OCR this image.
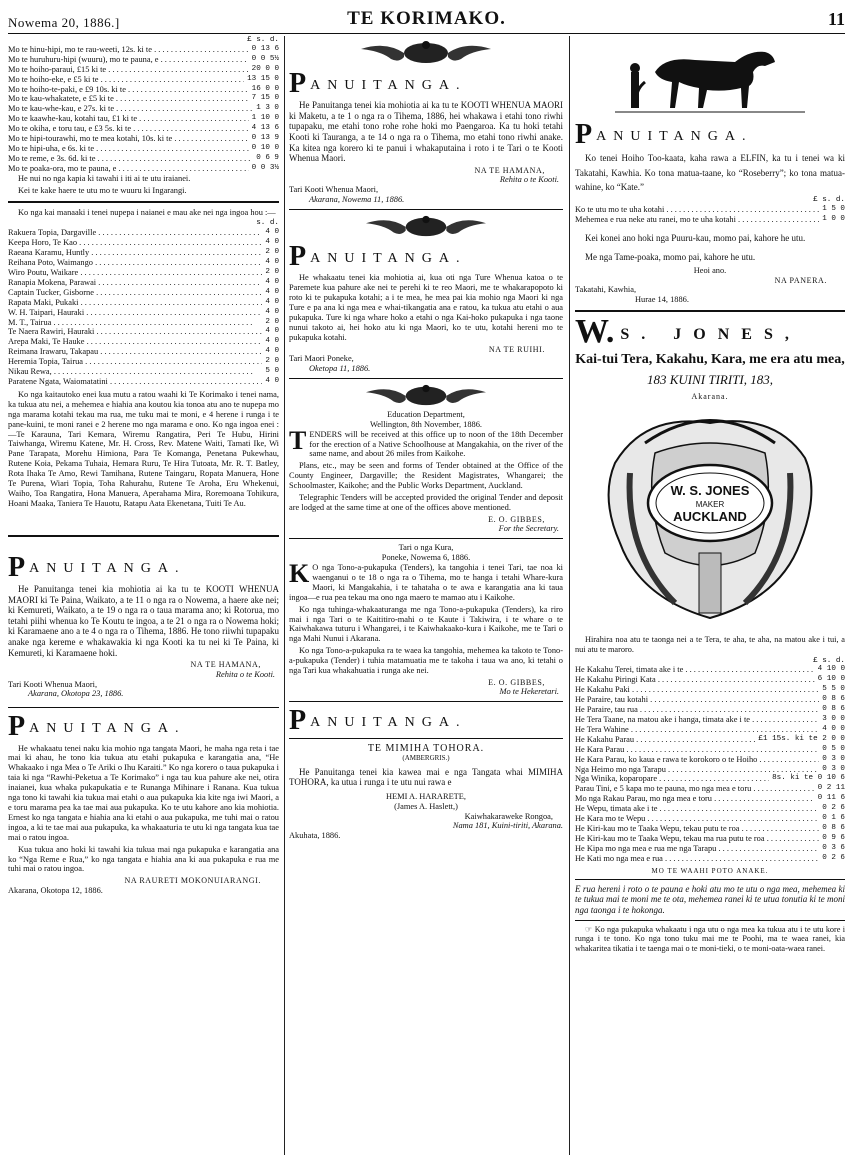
Nowema 20, 1886.]	TE KORIMAKO.	11
£ s. d.
Mo te hinu-hipi, mo te rau-weeti, 12s. ki te . . .	0 13 6
Mo te huruhuru-hipi (wuuru), mo te pauna, e . . .	0 0 5½
Mo te hoiho-paraui, £15 ki te . . .	20 0 0
Mo te hoiho-eke, e £5 ki te . . .	13 15 0
Mo te hoiho-te-paki, e £9 10s. ki te . . .	16 0 0
Mo te kau-whakatete, e £5 ki te . . .	7 15 0
Mo te kau-whe-kau, e 27s. ki te . . .	1 3 0
Mo te kaawhe-kau, kotahi tau, £1 ki te . . .	1 10 0
Mo te okiha, e toru tau, e £3 5s. ki te . . .	4 13 6
Mo te hipi-tourawhi, mo te mea kotahi, 10s. ki te . . .	0 13 9
Mo te hipi-uha, e 6s. ki te . . .	0 10 0
Mo te reme, e 3s. 6d. ki te . . .	0 6 9
Mo te poaka-ora, mo te pauna, e . . .	0 0 3½

He nui no nga kapia ki tawahi i iti ai te utu iraianei.

Kei te kake haere te utu mo te wuuru ki Ingarangi.

Ko nga kai manaaki i tenei nupepa i naianei e mau ake nei nga ingoa hou :—

s. d.
Rakuera Topia, Dargaville . . .	4 0
Keepa Horo, Te Kao . . .	4 0
Raeana Karamu, Huntly . . .	2 0
Reihana Poto, Waimango . . .	4 0
Wiro Poutu, Waikare . . .	2 0
Ranapia Mokena, Parawai . . .	4 0
Captain Tucker, Gisborne . . .	4 0
Rapata Maki, Pukaki . . .	4 0
W. H. Taipari, Hauraki . . .	4 0
M. T., Tairua . . .	2 0
Te Naera Rawiri, Hauraki . . .	4 0
Arepa Maki, Te Hauke . . .	4 0
Reimana Irawaru, Takapau . . .	4 0
Heremia Topia, Tairua . . .	2 0
Nikau Rewa, . . .	5 0
Paratene Ngata, Waiomatatini . . .	4 0

Ko nga kaitautoko enei kua mutu a ratou waahi ki Te Korimako i tenei nama, ka tukua atu nei, a mehemea e hiahia ana koutou kia tonoa atu ano te nupepa mo nga marama kotahi tekau ma rua, me tuku mai te moni, e 4 herene i runga i te pane-kuini, te moni ranei e 2 herene mo nga marama e ono. Ko nga ingoa enei :—Te Karauna, Tari Kemara, Wiremu Rangatira, Peri Te Hubu, Hirini Taiwhanga, Wiremu Katene, Mr. H. Cross, Rev. Matene Waiti, Tamati Ike, Wi Pane Tarapata, Morehu Himiona, Para Te Komanga, Penetana Pukewhau, Rutene Koia, Pekama Tuhaia, Hemara Ruru, Te Hira Tutoata, Mr. R. T. Batley, Rota Ihaka Te Amo, Rewi Tamihana, Rutene Taingaru, Ropata Manuera, Hone Te Purena, Wiari Topia, Toha Rahurahu, Rutene Te Aroha, Eru Whekenui, Waiho, Toa Rangatira, Hona Manuera, Aperahama Mira, Roremoana Tohikura, Hoani Maaka, Taniera Te Hauotu, Ratapu Aata Ekenetana, Tuiti Te Au.

P ANUITANGA.

He Panuitanga tenei kia mohiotia ai ka tu te KOOTI WHENUA MAORI ki Te Paina, Waikato, a te 11 o nga ra o Nowema, a haere ake nei; ki Kemureti, Waikato, a te 19 o nga ra o taua marama ano; ki Rotorua, mo tetahi piihi whenua ko Te Koutu te ingoa, a te 21 o nga ra o Nowema hoki; ki Karamaene ano a te 4 o nga ra o Tihema, 1886. He tono riiwhi tupapaku anake nga kereme e whakawakia ki nga Kooti ka tu nei ki Te Paina, ki Kemureti, ki Karamaene hoki.

NA TE HAMANA,
Rehita o te Kooti.
Tari Kooti Whenua Maori,
Akarana, Okotopa 23, 1886.
P ANUITANGA.

He whakaatu tenei naku kia mohio nga tangata Maori, he maha nga reta i tae mai ki ahau, he tono kia tukua atu etahi pukapuka e karangatia ana, “He Whakaako i nga Mea o Te Ariki o Ihu Karaiti.” Ko nga korero o taua pukapuka i taia ki nga “Rawhi-Peketua a Te Korimako” i nga tau kua pahure ake nei, otira inaianei, kua whaka pukapukatia e te Runanga Mihinare i Ranana. Kua tukua nga tono ki tawahi kia tukua mai etahi o aua pukapuka kia kite nga iwi Maori, a e toru marama pea ka tae mai aua pukapuka. Ko te utu kahore ano kia mohiotia. Ernest ko nga tangata e hiahia ana ki etahi o aua pukapuka, me tuhi mai o ratou ingoa, a ki te tae mai aua pukapuka, ka whakaaturia te utu ki nga tangata kua tae mai o ratou ingoa.

Kua tukua ano hoki ki tawahi kia tukua mai nga pukapuka e karangatia ana ko “Nga Reme e Rua,” ko nga tangata e hiahia ana ki aua pukapuka e rua me tuhi mai o ratou ingoa.

NA RAURETI MOKONUIARANGI.
Akarana, Okotopa 12, 1886.
P ANUITANGA.

He Panuitanga tenei kia mohiotia ai ka tu te KOOTI WHENUA MAORI ki Maketu, a te 1 o nga ra o Tihema, 1886, hei whakawa i etahi tono riwhi tupapaku, me etahi tono rohe rohe hoki mo Paengaroa. Ka tu hoki tetahi Kooti ki Tauranga, a te 14 o nga ra o Tihema, mo etahi tono riwhi anake. Ka kitea nga korero ki te panui i whakaputaina i roto i te Tari o te Kooti Whenua Maori.

NA TE HAMANA,
Rehita o te Kooti.
Tari Kooti Whenua Maori,
Akarana, Nowema 11, 1886.
P ANUITANGA.

He whakaatu tenei kia mohiotia ai, kua oti nga Ture Whenua katoa o te Paremete kua pahure ake nei te perehi ki te reo Maori, me te whakarapopoto ki roto ki te pukapuka kotahi; a i te mea, he mea pai kia mohio nga Maori ki nga Ture e pa ana ki nga mea e whai-tikangatia ana e ratou, ka tukua atu etahi o aua pukapuka. Ture ki nga whare hoko a etahi o nga Kai-hoko pukapuka i nga taone nunui takoto ai, hei hoko atu ki nga Maori, ko te utu, kotahi hereni mo te pukapuka kotahi.

NA TE RUIHI.
Tari Maori Poneke,
Oketopa 11, 1886.
Education Department,
Wellington, 8th November, 1886.

TENDERS will be received at this office up to noon of the 18th December for the erection of a Native Schoolhouse at Mangakahia, on the river of the same name, and about 26 miles from Kaikohe.

Plans, etc., may be seen and forms of Tender obtained at the Office of the County Engineer, Dargaville; the Resident Magistrates, Whangarei; the Schoolmaster, Kaikohe; and the Public Works Department, Auckland.

Telegraphic Tenders will be accepted provided the original Tender and deposit are lodged at the same time at one of the offices above mentioned.

E. O. GIBBES,
For the Secretary.
Tari o nga Kura,
Poneke, Nowema 6, 1886.

K O nga Tono-a-pukapuka (Tenders), ka tangohia i tenei Tari, tae noa ki waenganui o te 18 o nga ra o Tihema, mo te hanga i tetahi Whare-kura Maori, ki Mangakahia, i te tahataha o te awa e karangatia ana ki taua ingoa—e rua pea tekau ma ono nga maero te mamao atu i Kaikohe.

Ko nga tuhinga-whakaaturanga me nga Tono-a-pukapuka (Tenders), ka riro mai i nga Tari o te Kaititiro-mahi o te Kaute i Takiwira, i te whare o te Kaiwhakawa tuturu i Whangarei, i te Kaiwhakaako-kura i Kaikohe, me te Tari o nga Mahi Nunui i Akarana.

Ko nga Tono-a-pukapuka ra te waea ka tangohia, mehemea ka takoto te Tono-a-pukapuka (Tender) i tuhia matamuatia me te takoha i taua wa ano, ki tetahi o nga Tari kua whakahuatia i runga ake nei.

E. O. GIBBES,
Mo te Hekeretari.
P ANUITANGA.
TE MIMIHA TOHORA.
(AMBERGRIS.)

He Panuitanga tenei kia kawea mai e nga Tangata whai MIMIHA TOHORA, ka utua i runga i te utu nui rawa e

HEMI A. HARARETE,
(James A. Haslett,)
Kaiwhakaraweke Rongoa,
Nama 181, Kuini-tiriti, Akarana.
Akuhata, 1886.
P ANUITANGA.

Ko tenei Hoiho Too-kaata, kaha rawa a ELFIN, ka tu i tenei wa ki Takatahi, Kawhia. Ko tona matua-taane, ko “Roseberry”; ko tona matua-wahine, ko “Kate.”

£ s. d.
Ko te utu mo te uha kotahi . . .	1 5 0
Mehemea e rua neke atu ranei, mo te uha kotahi . . .	1 0 0

Kei konei ano hoki nga Puuru-kau, momo pai, kahore he utu.

Me nga Tame-poaka, momo pai, kahore he utu.

Heoi ano.
NA PANERA.
Takatahi, Kawhia,
Hurae 14, 1886.
W. S. JONES,
Kai-tui Tera, Kakahu, Kara, me era atu mea,
183 KUINI TIRITI, 183,
Akarana.
W. S. JONES
MAKER
AUCKLAND

Hirahira noa atu te taonga nei a te Tera, te aha, te aha, na matou ake i tui, a nui atu te maroro.

£ s. d.
He Kakahu Terei, timata ake i te . . .	4 10 0
He Kakahu Piringi Kata . . .	6 10 0
He Kakahu Paki . . .	5 5 0
He Paraire, tau kotahi . . .	0 8 6
He Paraire, tau rua . . .	0 8 6
He Tera Taane, na matou ake i hanga, timata ake i te . . .	3 0 0
He Tera Wahine . . .	4 0 0
He Kakahu Parau . . .	£1 15s. ki te 2 0 0
He Kara Parau . . .	0 5 0
He Kara Parau, ko kaua e rawa te korokoro o te Hoiho . . .	0 3 0
Nga Heimo mo nga Tarapu . . .	0 3 0
Nga Winika, koparopare . . .	8s. ki te 0 10 6
Parau Tini, e 5 kapa mo te pauna, mo nga mea e toru . . .	0 2 11
Mo nga Rakau Parau, mo nga mea e toru . . .	0 11 6
He Wepu, timata ake i te . . .	0 2 6
He Kara mo te Wepu . . .	0 1 6
He Kiri-kau mo te Taaka Wepu, tekau putu te roa . . .	0 8 6
He Kiri-kau mo te Taaka Wepu, tekau ma rua putu te roa . . .	0 9 6
He Kipa mo nga mea e rua me nga Tarapu . . .	0 3 6
He Kati mo nga mea e rua . . .	0 2 6
MO TE WAAHI POTO ANAKE.

E rua hereni i roto o te pauna e hoki atu mo te utu o nga mea, mehemea ki te tukua mai te moni me te ota, mehemea ranei ki te utua tonutia ki te moni nga taonga i te hokonga.

☞ Ko nga pukapuka whakaatu i nga utu o nga mea ka tukua atu i te utu kore i runga i te tono. Ko nga tono tuku mai me te Poohi, ma te waea ranei, kia whakaritea tikatia i te taenga mai o te moni-tieki, o te moni-oata-waea ranei.
